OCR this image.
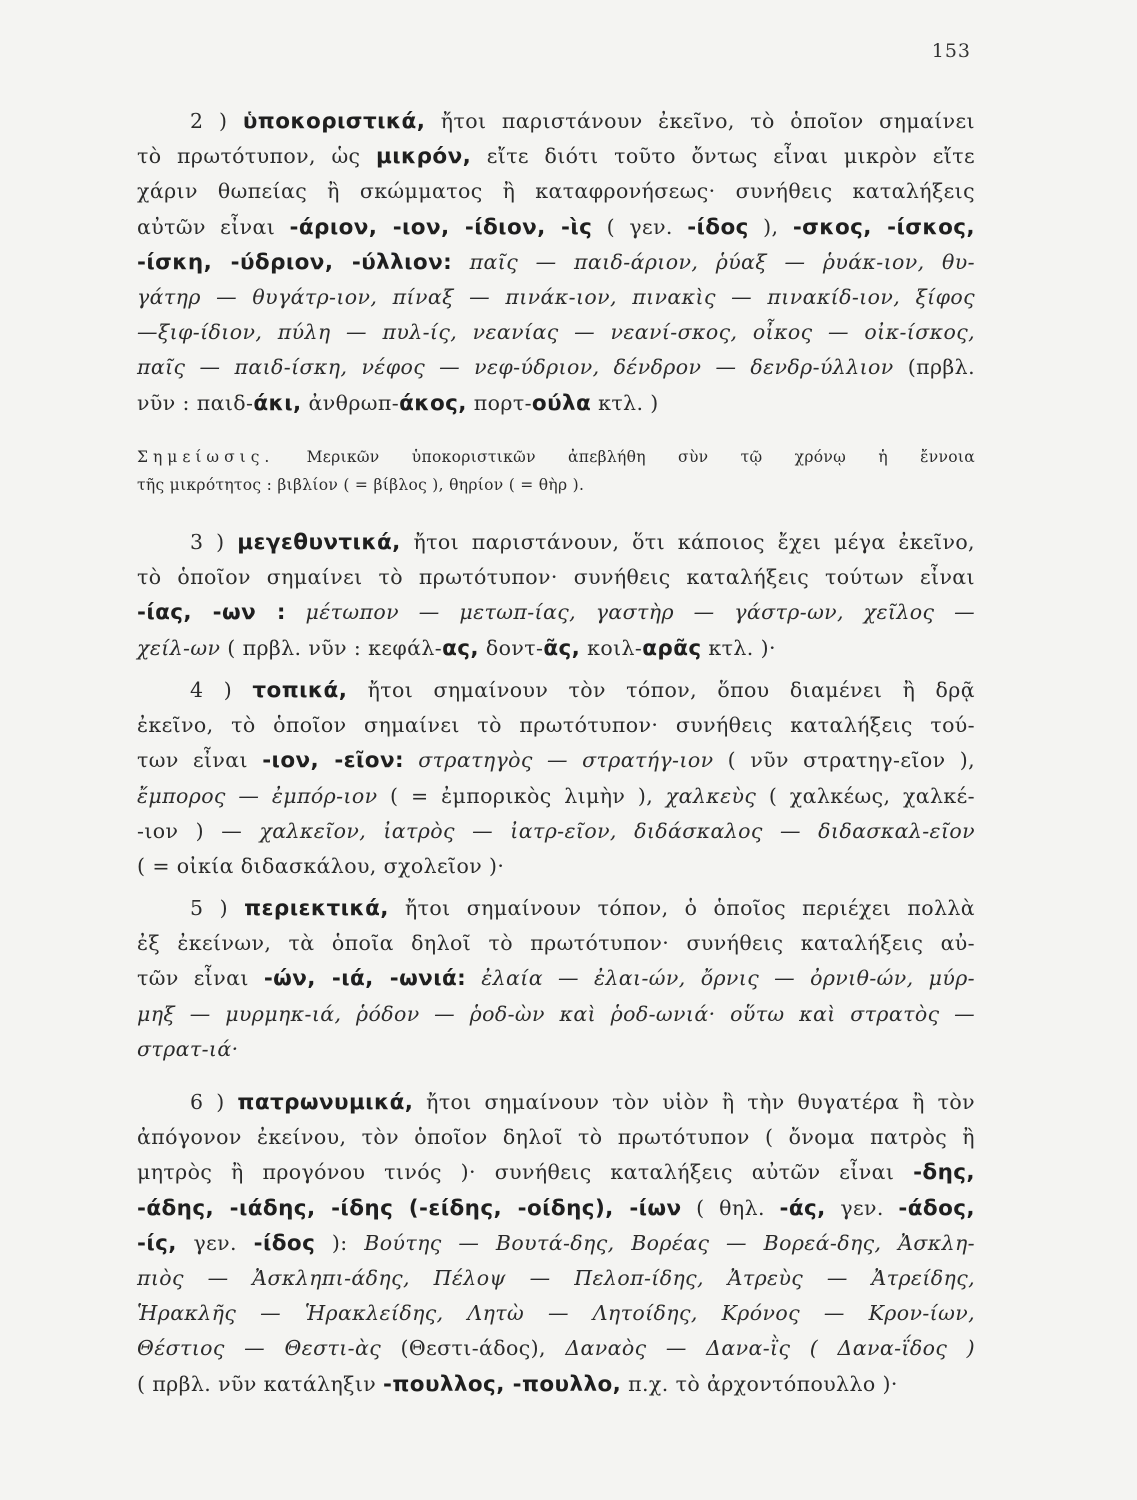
153
2 ) ὑποκοριστικά, ἤτοι παριστάνουν ἐκεῖνο, τὸ ὁποῖον σημαίνει
τὸ πρωτότυπον, ὡς μικρόν, εἴτε διότι τοῦτο ὄντως εἶναι μικρὸν εἴτε
χάριν θωπείας ἢ σκώμματος ἢ καταφρονήσεως· συνήθεις καταλήξεις
αὐτῶν εἶναι -άριον, -ιον, -ίδιον, -ὶς ( γεν. -ίδος ), -σκος, -ίσκος,
-ίσκη, -ύδριον, -ύλλιον: παῖς — παιδ-άριον, ῥύαξ — ῥυάκ-ιον, θυ-
γάτηρ — θυγάτρ-ιον, πίναξ — πινάκ-ιον, πινακὶς — πινακίδ-ιον, ξίφος
—ξιφ-ίδιον, πύλη — πυλ-ίς, νεανίας — νεανί-σκος, οἶκος — οἰκ-ίσκος,
παῖς — παιδ-ίσκη, νέφος — νεφ-ύδριον, δένδρον — δενδρ-ύλλιον (πρβλ.
νῦν : παιδ-άκι, ἀνθρωπ-άκος, πορτ-ούλα κτλ. )
Σημείωσις. Μερικῶν ὑποκοριστικῶν ἀπεβλήθη σὺν τῷ χρόνῳ ἡ ἔννοια
τῆς μικρότητος : βιβλίον ( = βίβλος ), θηρίον ( = θὴρ ).
3 ) μεγεθυντικά, ἤτοι παριστάνουν, ὅτι κάποιος ἔχει μέγα ἐκεῖνο,
τὸ ὁποῖον σημαίνει τὸ πρωτότυπον· συνήθεις καταλήξεις τούτων εἶναι
-ίας, -ων : μέτωπον — μετωπ-ίας, γαστὴρ — γάστρ-ων, χεῖλος —
χείλ-ων ( πρβλ. νῦν : κεφάλ-ας, δοντ-ᾶς, κοιλ-αρᾶς κτλ. )·
4 ) τοπικά, ἤτοι σημαίνουν τὸν τόπον, ὅπου διαμένει ἢ δρᾷ
ἐκεῖνο, τὸ ὁποῖον σημαίνει τὸ πρωτότυπον· συνήθεις καταλήξεις τού-
των εἶναι -ιον, -εῖον: στρατηγὸς — στρατήγ-ιον ( νῦν στρατηγ-εῖον ),
ἔμπορος — ἐμπόρ-ιον ( = ἐμπορικὸς λιμὴν ), χαλκεὺς ( χαλκέως, χαλκέ-
-ιον ) — χαλκεῖον, ἰατρὸς — ἰατρ-εῖον, διδάσκαλος — διδασκαλ-εῖον
( = οἰκία διδασκάλου, σχολεῖον )·
5 ) περιεκτικά, ἤτοι σημαίνουν τόπον, ὁ ὁποῖος περιέχει πολλὰ
ἐξ ἐκείνων, τὰ ὁποῖα δηλοῖ τὸ πρωτότυπον· συνήθεις καταλήξεις αὐ-
τῶν εἶναι -ών, -ιά, -ωνιά: ἐλαία — ἐλαι-ών, ὄρνις — ὀρνιθ-ών, μύρ-
μηξ — μυρμηκ-ιά, ῥόδον — ῥοδ-ὼν καὶ ῥοδ-ωνιά· οὕτω καὶ στρατὸς —
στρατ-ιά·
6 ) πατρωνυμικά, ἤτοι σημαίνουν τὸν υἱὸν ἢ τὴν θυγατέρα ἢ τὸν
ἀπόγονον ἐκείνου, τὸν ὁποῖον δηλοῖ τὸ πρωτότυπον ( ὄνομα πατρὸς ἢ
μητρὸς ἢ προγόνου τινός )· συνήθεις καταλήξεις αὐτῶν εἶναι -δης,
-άδης, -ιάδης, -ίδης (-είδης, -οίδης), -ίων ( θηλ. -άς, γεν. -άδος,
-ίς, γεν. -ίδος ): Βούτης — Βουτά-δης, Βορέας — Βορεά-δης, Ἀσκλη-
πιὸς — Ἀσκληπι-άδης, Πέλοψ — Πελοπ-ίδης, Ἀτρεὺς — Ἀτρείδης,
Ἡρακλῆς — Ἡρακλείδης, Λητὼ — Λητοίδης, Κρόνος — Κρον-ίων,
Θέστιος — Θεστι-ὰς (Θεστι-άδος), Δαναὸς — Δανα-ῒς ( Δανα-ΐδος )
( πρβλ. νῦν κατάληξιν -πουλλος, -πουλλο, π.χ. τὸ ἀρχοντόπουλλο )·
